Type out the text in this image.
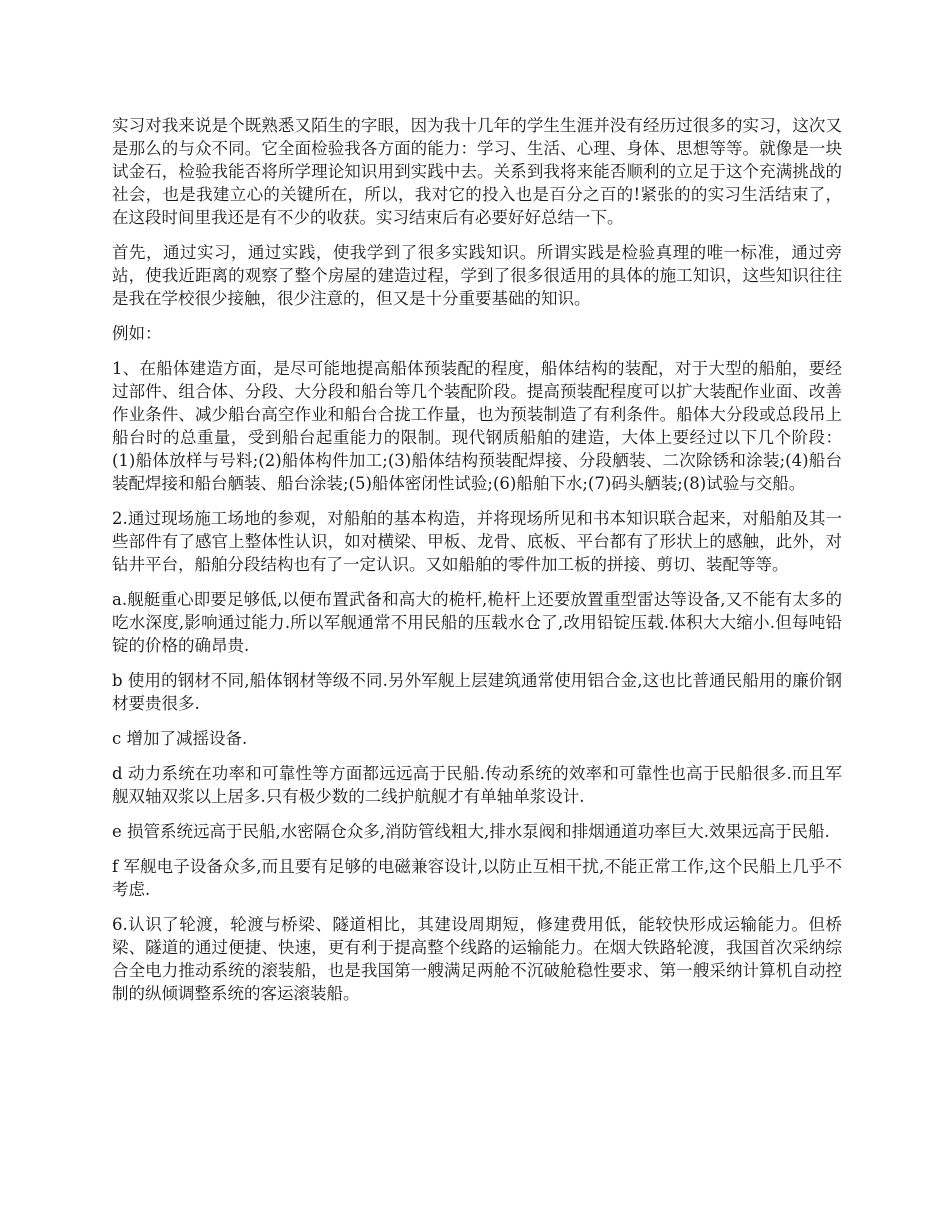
实习对我来说是个既熟悉又陌生的字眼，因为我十几年的学生生涯并没有经历过很多的实习，这次又是那么的与众不同。它全面检验我各方面的能力：学习、生活、心理、身体、思想等等。就像是一块试金石，检验我能否将所学理论知识用到实践中去。关系到我将来能否顺利的立足于这个充满挑战的社会，也是我建立心的关键所在，所以，我对它的投入也是百分之百的!紧张的的实习生活结束了，在这段时间里我还是有不少的收获。实习结束后有必要好好总结一下。

首先，通过实习，通过实践，使我学到了很多实践知识。所谓实践是检验真理的唯一标准，通过旁站，使我近距离的观察了整个房屋的建造过程，学到了很多很适用的具体的施工知识，这些知识往往是我在学校很少接触，很少注意的，但又是十分重要基础的知识。

例如：

1、在船体建造方面，是尽可能地提高船体预装配的程度，船体结构的装配，对于大型的船舶，要经过部件、组合体、分段、大分段和船台等几个装配阶段。提高预装配程度可以扩大装配作业面、改善作业条件、减少船台高空作业和船台合拢工作量，也为预装制造了有利条件。船体大分段或总段吊上船台时的总重量，受到船台起重能力的限制。现代钢质船舶的建造，大体上要经过以下几个阶段：(1)船体放样与号料;(2)船体构件加工;(3)船体结构预装配焊接、分段舾装、二次除锈和涂装;(4)船台装配焊接和船台舾装、船台涂装;(5)船体密闭性试验;(6)船舶下水;(7)码头舾装;(8)试验与交船。

2.通过现场施工场地的参观，对船舶的基本构造，并将现场所见和书本知识联合起来，对船舶及其一些部件有了感官上整体性认识，如对横梁、甲板、龙骨、底板、平台都有了形状上的感触，此外，对钻井平台，船舶分段结构也有了一定认识。又如船舶的零件加工板的拼接、剪切、装配等等。

a.舰艇重心即要足够低,以便布置武备和高大的桅杆,桅杆上还要放置重型雷达等设备,又不能有太多的吃水深度,影响通过能力.所以军舰通常不用民船的压载水仓了,改用铅锭压载.体积大大缩小.但每吨铅锭的价格的确昂贵.

b 使用的钢材不同,船体钢材等级不同.另外军舰上层建筑通常使用铝合金,这也比普通民船用的廉价钢材要贵很多.

c 增加了减摇设备.

d 动力系统在功率和可靠性等方面都远远高于民船.传动系统的效率和可靠性也高于民船很多.而且军舰双轴双浆以上居多.只有极少数的二线护航舰才有单轴单浆设计.

e 损管系统远高于民船,水密隔仓众多,消防管线粗大,排水泵阀和排烟通道功率巨大.效果远高于民船.

f 军舰电子设备众多,而且要有足够的电磁兼容设计,以防止互相干扰,不能正常工作,这个民船上几乎不考虑.

6.认识了轮渡，轮渡与桥梁、隧道相比，其建设周期短，修建费用低，能较快形成运输能力。但桥梁、隧道的通过便捷、快速，更有利于提高整个线路的运输能力。在烟大铁路轮渡，我国首次采纳综合全电力推动系统的滚装船，也是我国第一艘满足两舱不沉破舱稳性要求、第一艘采纳计算机自动控制的纵倾调整系统的客运滚装船。
